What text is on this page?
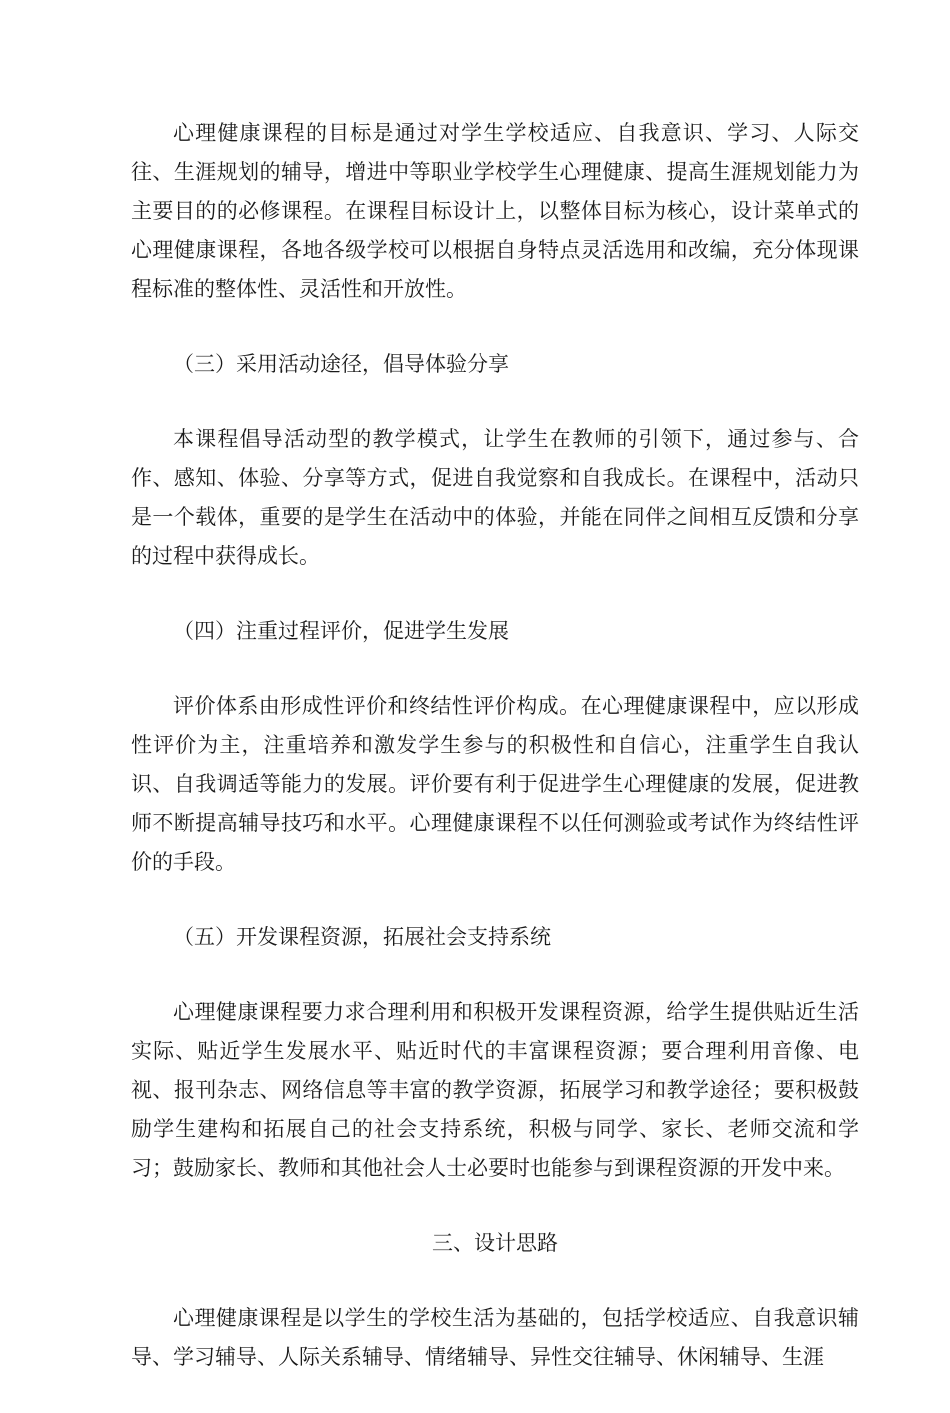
心理健康课程的目标是通过对学生学校适应、自我意识、学习、人际交往、生涯规划的辅导，增进中等职业学校学生心理健康、提高生涯规划能力为主要目的的必修课程。在课程目标设计上，以整体目标为核心，设计菜单式的心理健康课程，各地各级学校可以根据自身特点灵活选用和改编，充分体现课程标准的整体性、灵活性和开放性。

（三）采用活动途径，倡导体验分享

本课程倡导活动型的教学模式，让学生在教师的引领下，通过参与、合作、感知、体验、分享等方式，促进自我觉察和自我成长。在课程中，活动只是一个载体，重要的是学生在活动中的体验，并能在同伴之间相互反馈和分享的过程中获得成长。

（四）注重过程评价，促进学生发展

评价体系由形成性评价和终结性评价构成。在心理健康课程中，应以形成性评价为主，注重培养和激发学生参与的积极性和自信心，注重学生自我认识、自我调适等能力的发展。评价要有利于促进学生心理健康的发展，促进教师不断提高辅导技巧和水平。心理健康课程不以任何测验或考试作为终结性评价的手段。

（五）开发课程资源，拓展社会支持系统

心理健康课程要力求合理利用和积极开发课程资源，给学生提供贴近生活实际、贴近学生发展水平、贴近时代的丰富课程资源；要合理利用音像、电视、报刊杂志、网络信息等丰富的教学资源，拓展学习和教学途径；要积极鼓励学生建构和拓展自己的社会支持系统，积极与同学、家长、老师交流和学习；鼓励家长、教师和其他社会人士必要时也能参与到课程资源的开发中来。

三、设计思路

心理健康课程是以学生的学校生活为基础的，包括学校适应、自我意识辅导、学习辅导、人际关系辅导、情绪辅导、异性交往辅导、休闲辅导、生涯
